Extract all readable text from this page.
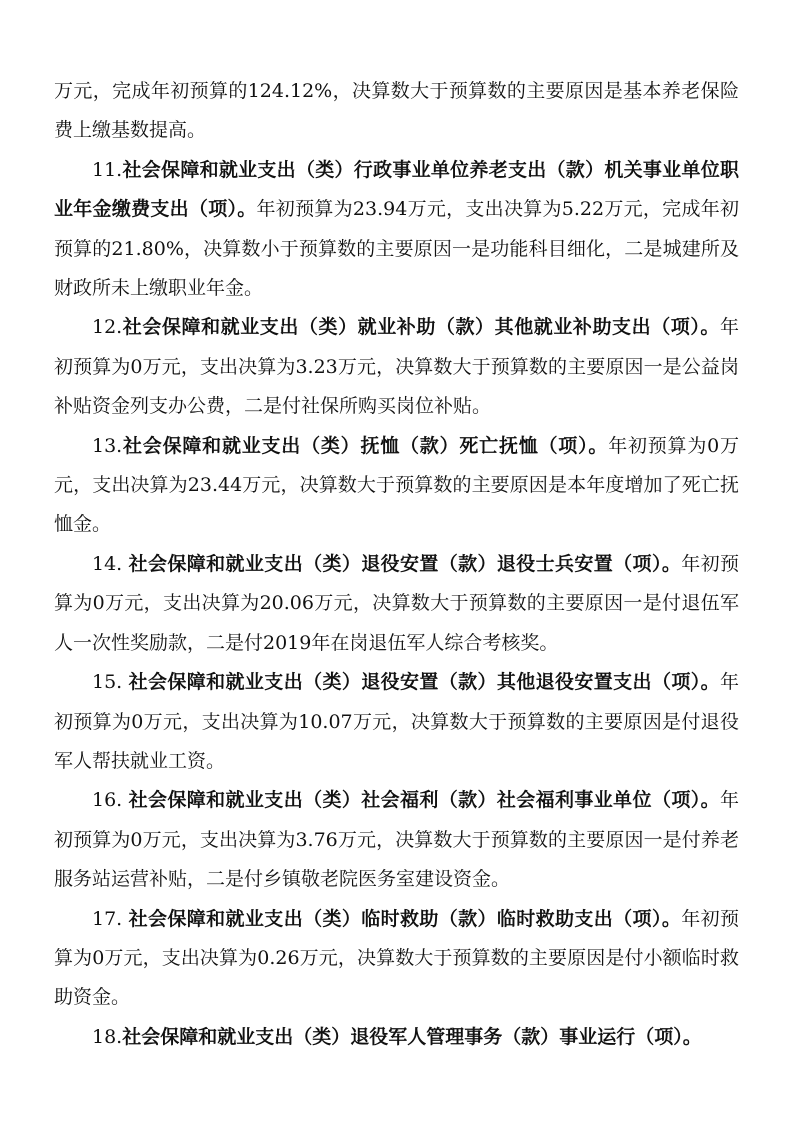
万元，完成年初预算的124.12%，决算数大于预算数的主要原因是基本养老保险费上缴基数提高。

11.社会保障和就业支出（类）行政事业单位养老支出（款）机关事业单位职业年金缴费支出（项）。年初预算为23.94万元，支出决算为5.22万元，完成年初预算的21.80%，决算数小于预算数的主要原因一是功能科目细化，二是城建所及财政所未上缴职业年金。

12.社会保障和就业支出（类）就业补助（款）其他就业补助支出（项）。年初预算为0万元，支出决算为3.23万元，决算数大于预算数的主要原因一是公益岗补贴资金列支办公费，二是付社保所购买岗位补贴。

13.社会保障和就业支出（类）抚恤（款）死亡抚恤（项）。年初预算为0万元，支出决算为23.44万元，决算数大于预算数的主要原因是本年度增加了死亡抚恤金。

14. 社会保障和就业支出（类）退役安置（款）退役士兵安置（项）。年初预算为0万元，支出决算为20.06万元，决算数大于预算数的主要原因一是付退伍军人一次性奖励款，二是付2019年在岗退伍军人综合考核奖。

15. 社会保障和就业支出（类）退役安置（款）其他退役安置支出（项）。年初预算为0万元，支出决算为10.07万元，决算数大于预算数的主要原因是付退役军人帮扶就业工资。

16. 社会保障和就业支出（类）社会福利（款）社会福利事业单位（项）。年初预算为0万元，支出决算为3.76万元，决算数大于预算数的主要原因一是付养老服务站运营补贴，二是付乡镇敬老院医务室建设资金。

17. 社会保障和就业支出（类）临时救助（款）临时救助支出（项）。年初预算为0万元，支出决算为0.26万元，决算数大于预算数的主要原因是付小额临时救助资金。

18.社会保障和就业支出（类）退役军人管理事务（款）事业运行（项）。
